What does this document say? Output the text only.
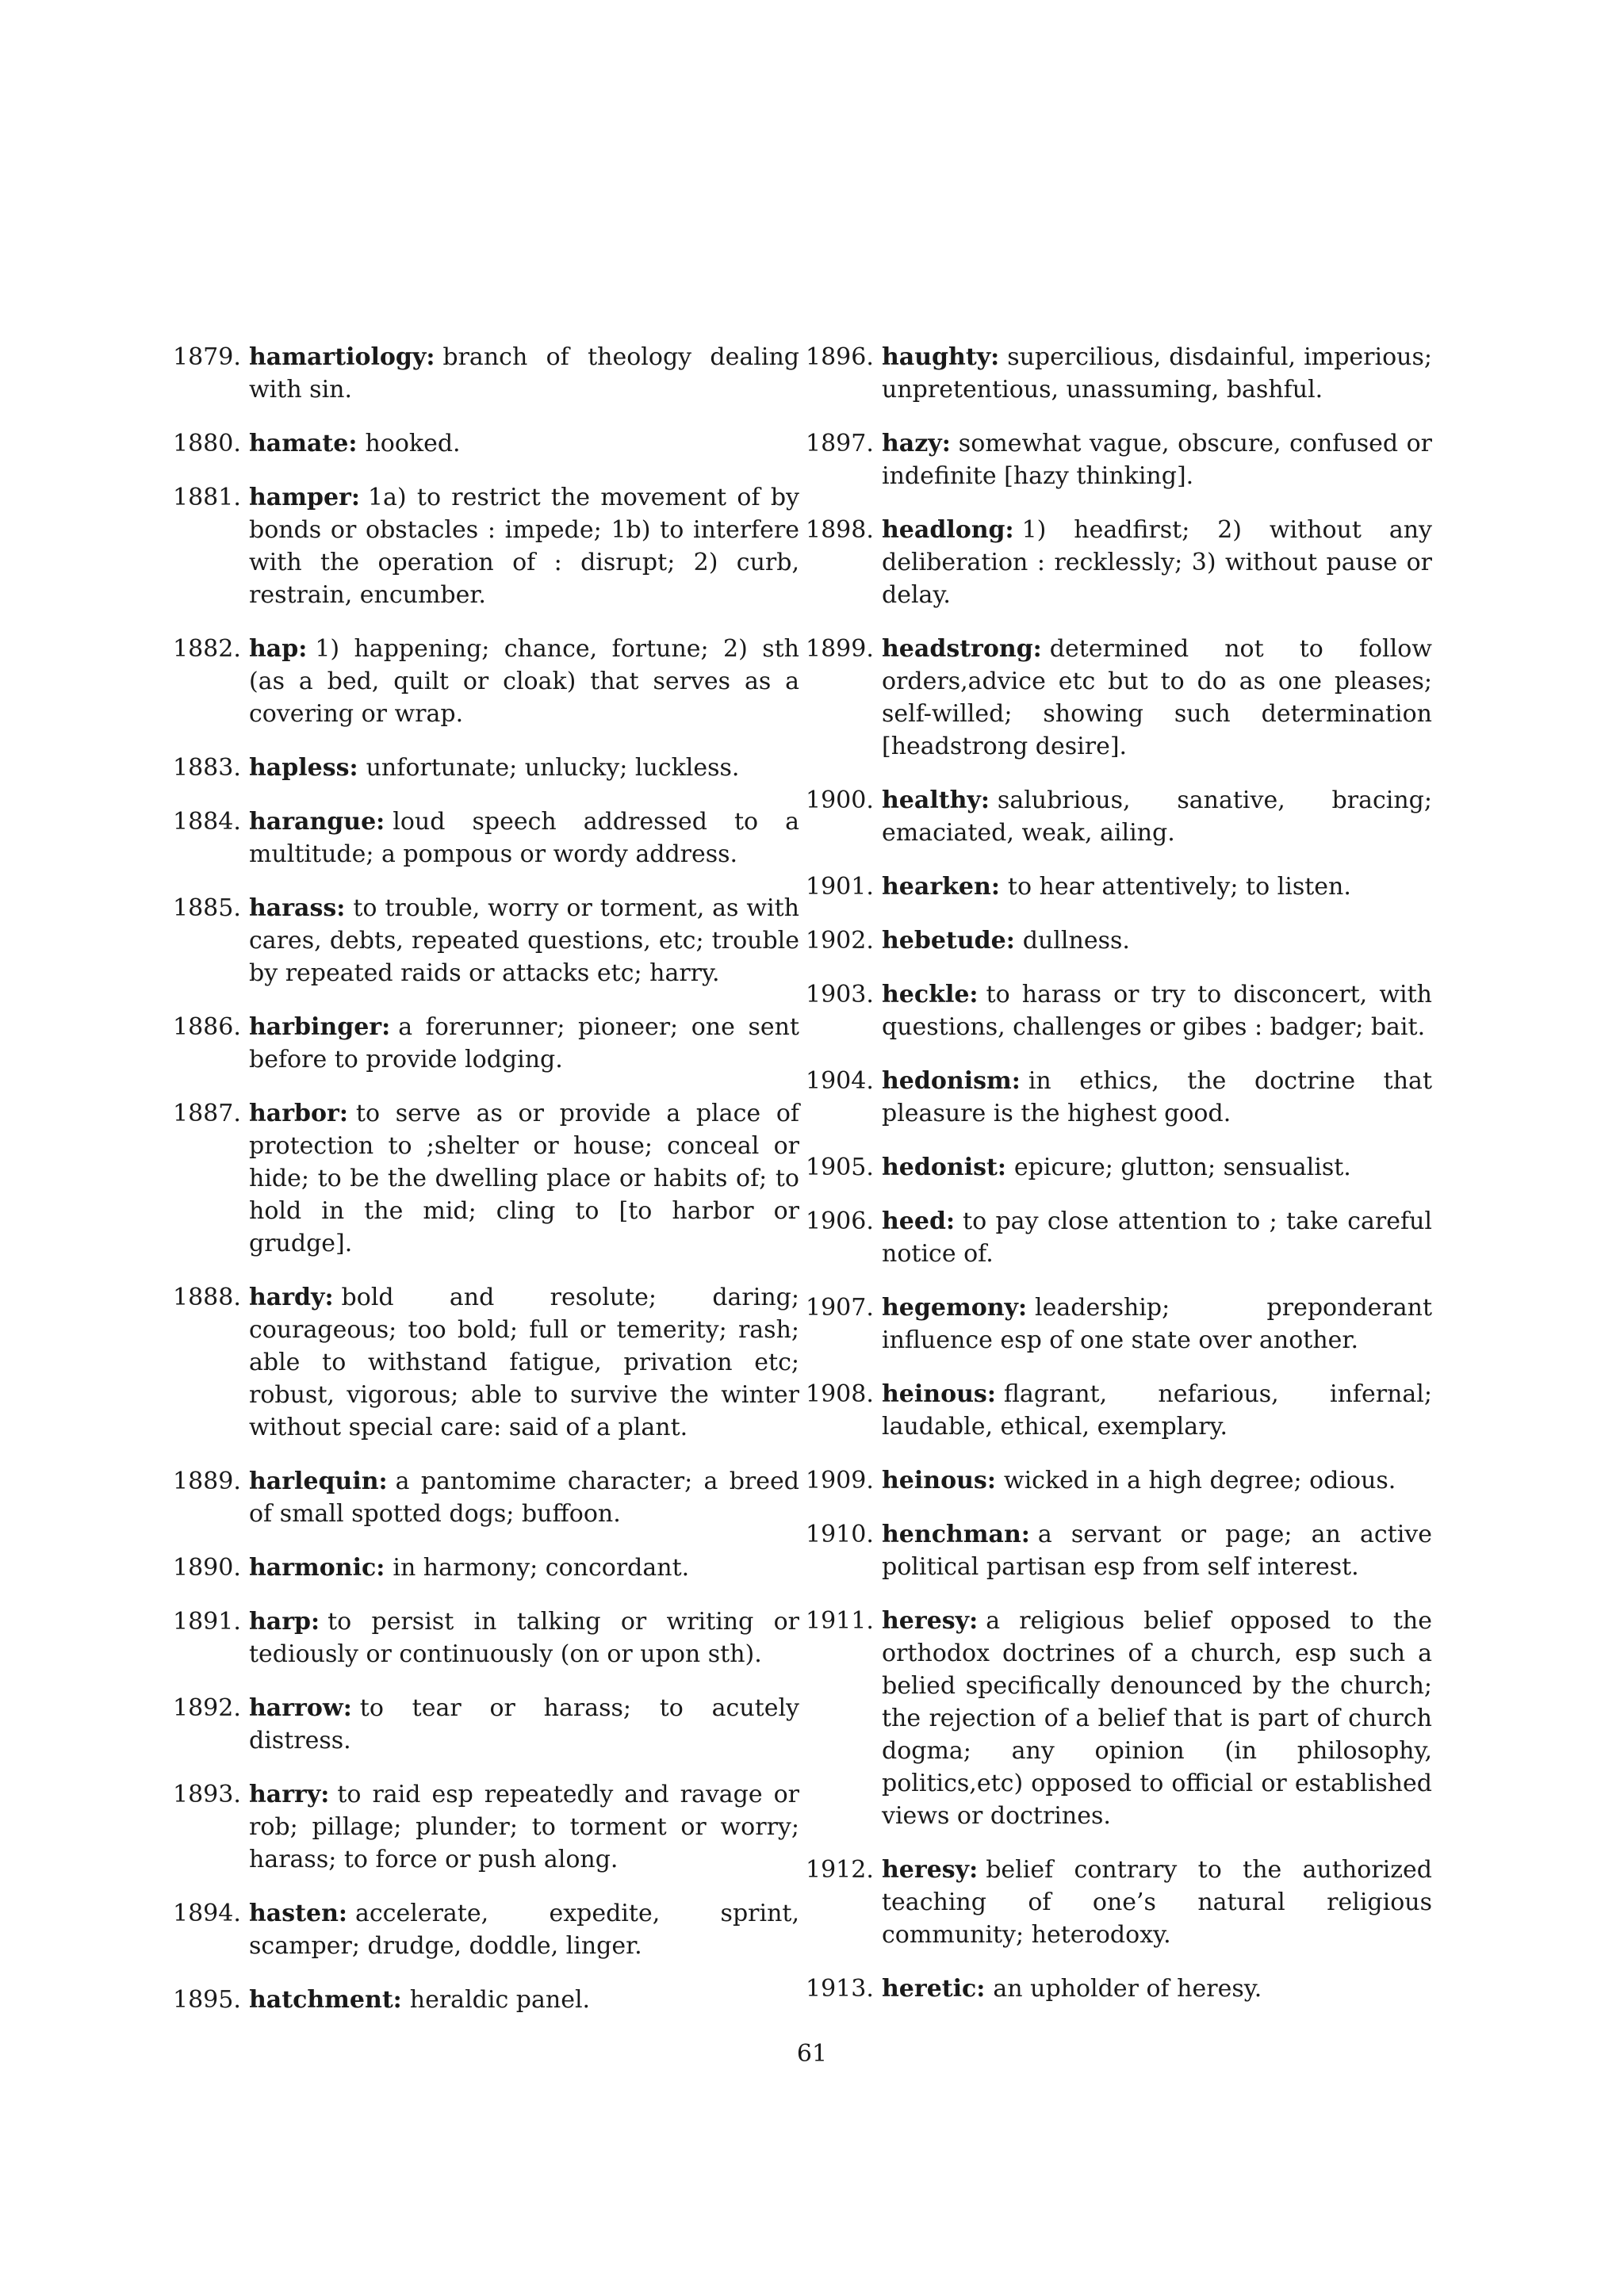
1879. hamartiology: branch of theology dealing with sin.
1880. hamate: hooked.
1881. hamper: 1a) to restrict the movement of by bonds or obstacles : impede; 1b) to interfere with the operation of : disrupt; 2) curb, restrain, encumber.
1882. hap: 1) happening; chance, fortune; 2) sth (as a bed, quilt or cloak) that serves as a covering or wrap.
1883. hapless: unfortunate; unlucky; luckless.
1884. harangue: loud speech addressed to a multitude; a pompous or wordy address.
1885. harass: to trouble, worry or torment, as with cares, debts, repeated questions, etc; trouble by repeated raids or attacks etc; harry.
1886. harbinger: a forerunner; pioneer; one sent before to provide lodging.
1887. harbor: to serve as or provide a place of protection to ;shelter or house; conceal or hide; to be the dwelling place or habits of; to hold in the mid; cling to [to harbor or grudge].
1888. hardy: bold and resolute; daring; courageous; too bold; full or temerity; rash; able to withstand fatigue, privation etc; robust, vigorous; able to survive the winter without special care: said of a plant.
1889. harlequin: a pantomime character; a breed of small spotted dogs; buffoon.
1890. harmonic: in harmony; concordant.
1891. harp: to persist in talking or writing or tediously or continuously (on or upon sth).
1892. harrow: to tear or harass; to acutely distress.
1893. harry: to raid esp repeatedly and ravage or rob; pillage; plunder; to torment or worry; harass; to force or push along.
1894. hasten: accelerate, expedite, sprint, scamper; drudge, doddle, linger.
1895. hatchment: heraldic panel.
1896. haughty: supercilious, disdainful, imperious; unpretentious, unassuming, bashful.
1897. hazy: somewhat vague, obscure, confused or indefinite [hazy thinking].
1898. headlong: 1) headfirst; 2) without any deliberation : recklessly; 3) without pause or delay.
1899. headstrong: determined not to follow orders,advice etc but to do as one pleases; self-willed; showing such determination [headstrong desire].
1900. healthy: salubrious, sanative, bracing; emaciated, weak, ailing.
1901. hearken: to hear attentively; to listen.
1902. hebetude: dullness.
1903. heckle: to harass or try to disconcert, with questions, challenges or gibes : badger; bait.
1904. hedonism: in ethics, the doctrine that pleasure is the highest good.
1905. hedonist: epicure; glutton; sensualist.
1906. heed: to pay close attention to ; take careful notice of.
1907. hegemony: leadership; preponderant influence esp of one state over another.
1908. heinous: flagrant, nefarious, infernal; laudable, ethical, exemplary.
1909. heinous: wicked in a high degree; odious.
1910. henchman: a servant or page; an active political partisan esp from self interest.
1911. heresy: a religious belief opposed to the orthodox doctrines of a church, esp such a belied specifically denounced by the church; the rejection of a belief that is part of church dogma; any opinion (in philosophy, politics,etc) opposed to official or established views or doctrines.
1912. heresy: belief contrary to the authorized teaching of one’s natural religious community; heterodoxy.
1913. heretic: an upholder of heresy.
61
